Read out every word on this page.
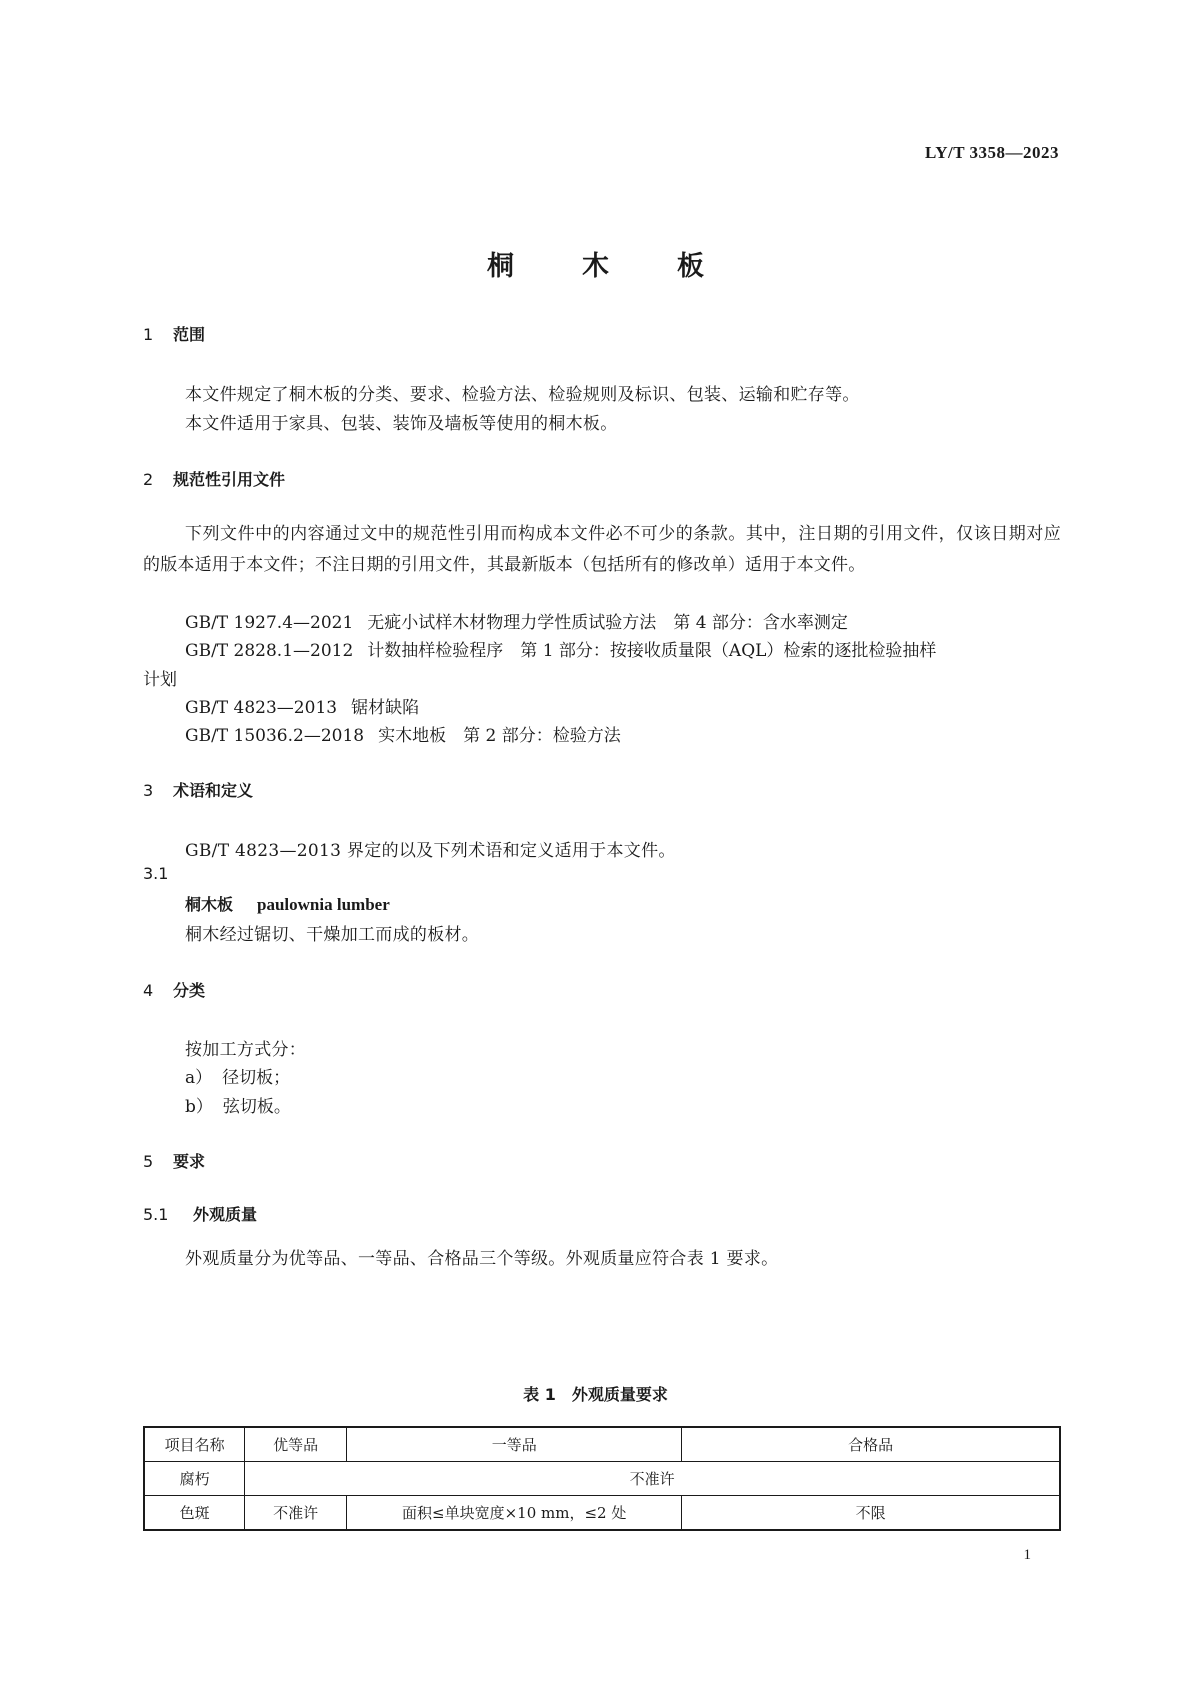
LY/T 3358—2023
桐木板
1 范围
本文件规定了桐木板的分类、要求、检验方法、检验规则及标识、包装、运输和贮存等。
本文件适用于家具、包装、装饰及墙板等使用的桐木板。
2 规范性引用文件
下列文件中的内容通过文中的规范性引用而构成本文件必不可少的条款。其中，注日期的引用文件，仅该日期对应的版本适用于本文件；不注日期的引用文件，其最新版本（包括所有的修改单）适用于本文件。
GB/T 1927.4—2021 无疵小试样木材物理力学性质试验方法　第 4 部分：含水率测定
GB/T 2828.1—2012 计数抽样检验程序　第 1 部分：按接收质量限（AQL）检索的逐批检验抽样
计划
GB/T 4823—2013 锯材缺陷
GB/T 15036.2—2018 实木地板　第 2 部分：检验方法
3 术语和定义
GB/T 4823—2013 界定的以及下列术语和定义适用于本文件。
3.1
桐木板 paulownia lumber
桐木经过锯切、干燥加工而成的板材。
4 分类
按加工方式分：
a） 径切板；
b） 弦切板。
5 要求
5.1 外观质量
外观质量分为优等品、一等品、合格品三个等级。外观质量应符合表 1 要求。
表 1　外观质量要求
项目名称	优等品	一等品	合格品
腐朽	不准许		
色斑	不准许	面积≤单块宽度×10 mm，≤2 处	不限
1
